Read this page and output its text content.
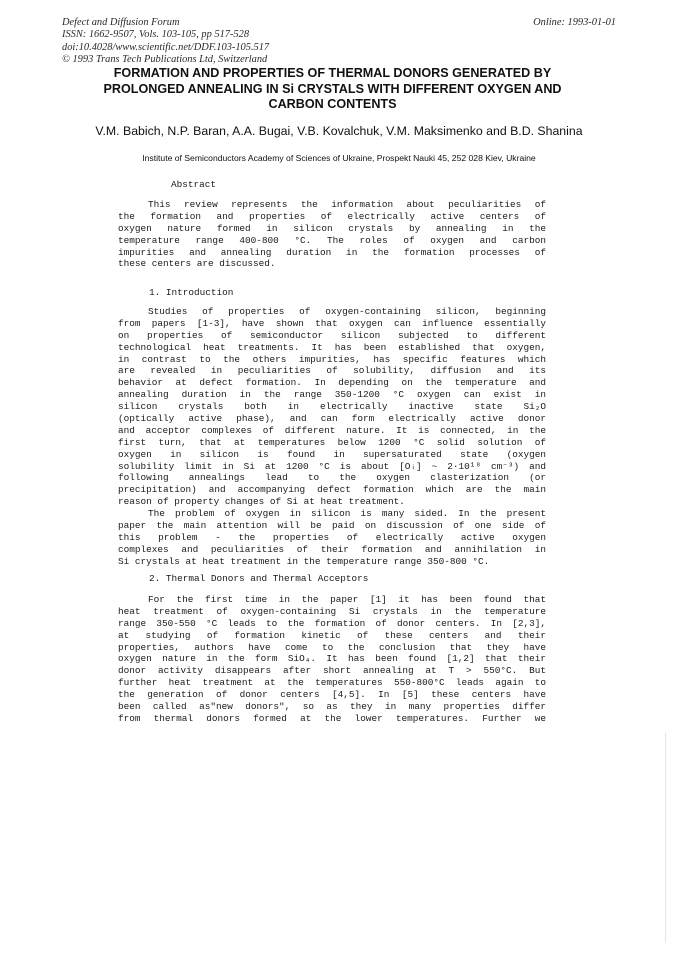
Defect and Diffusion Forum
ISSN: 1662-9507, Vols. 103-105, pp 517-528
doi:10.4028/www.scientific.net/DDF.103-105.517
© 1993 Trans Tech Publications Ltd, Switzerland
Online: 1993-01-01
FORMATION AND PROPERTIES OF THERMAL DONORS GENERATED BY PROLONGED ANNEALING IN Si CRYSTALS WITH DIFFERENT OXYGEN AND CARBON CONTENTS
V.M. Babich, N.P. Baran, A.A. Bugai, V.B. Kovalchuk, V.M. Maksimenko and B.D. Shanina
Institute of Semiconductors Academy of Sciences of Ukraine, Prospekt Nauki 45, 252 028 Kiev, Ukraine
Abstract
This review represents the information about peculiarities of
the formation and properties of electrically active centers of
oxygen nature formed in silicon crystals by annealing in the
temperature range 400-800 °C. The roles of oxygen and carbon
impurities and annealing duration in the formation processes of
these centers are discussed.
1. Introduction
Studies of properties of oxygen-containing silicon, beginning
from papers [1-3], have shown that oxygen can influence essentially
on properties of semiconductor silicon subjected to different
technological heat treatments. It has been established that oxygen,
in contrast to the others impurities, has specific features which
are revealed in peculiarities of solubility, diffusion and its
behavior at defect formation. In depending on the temperature and
annealing duration in the range 350-1200 °C oxygen can exist in
silicon crystals both in electrically inactive state Si₂O
(optically active phase), and can form electrically active donor
and acceptor complexes of different nature. It is connected, in the
first turn, that at temperatures below 1200 °C solid solution of
oxygen in silicon is found in supersaturated state (oxygen
solubility limit in Si at 1200 °C is about [Oᵢ] ~ 2·10¹⁸ cm⁻³) and
following annealings lead to the oxygen clasterization (or
precipitation) and accompanying defect formation which are the main
reason of property changes of Si at heat treatment.
The problem of oxygen in silicon is many sided. In the present
paper the main attention will be paid on discussion of one side of
this problem - the properties of electrically active oxygen
complexes and peculiarities of their formation and annihilation in
Si crystals at heat treatment in the temperature range 350-800 °C.
2. Thermal Donors and Thermal Acceptors
For the first time in the paper [1] it has been found that
heat treatment of oxygen-containing Si crystals in the temperature
range 350-550 °C leads to the formation of donor centers. In [2,3],
at studying of formation kinetic of these centers and their
properties, authors have come to the conclusion that they have
oxygen nature in the form SiO₄. It has been found [1,2] that their
donor activity disappears after short annealing at T > 550°C. But
further heat treatment at the temperatures 550-800°C leads again to
the generation of donor centers [4,5]. In [5] these centers have
been called as"new donors", so as they in many properties differ
from thermal donors formed at the lower temperatures. Further we
